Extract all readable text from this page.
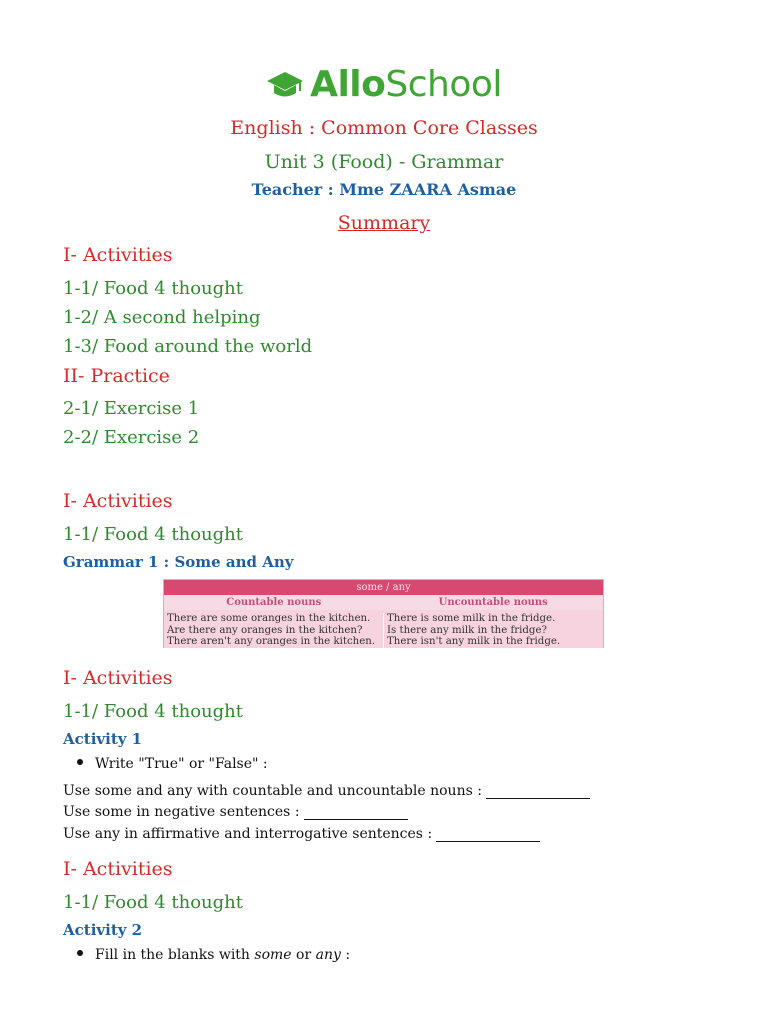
AlloSchool
English : Common Core Classes
Unit 3 (Food) - Grammar
Teacher : Mme ZAARA Asmae
Summary
I- Activities
1-1/ Food 4 thought
1-2/ A second helping
1-3/ Food around the world
II- Practice
2-1/ Exercise 1
2-2/ Exercise 2
I- Activities
1-1/ Food 4 thought
Grammar 1 : Some and Any
some / any
Countable nouns	Uncountable nouns
There are some oranges in the kitchen.
Are there any oranges in the kitchen?
There aren't any oranges in the kitchen.
There is some milk in the fridge.
Is there any milk in the fridge?
There isn't any milk in the fridge.
I- Activities
1-1/ Food 4 thought
Activity 1
Write "True" or "False" :
Use some and any with countable and uncountable nouns :
Use some in negative sentences :
Use any in affirmative and interrogative sentences :
I- Activities
1-1/ Food 4 thought
Activity 2
Fill in the blanks with some or any :
